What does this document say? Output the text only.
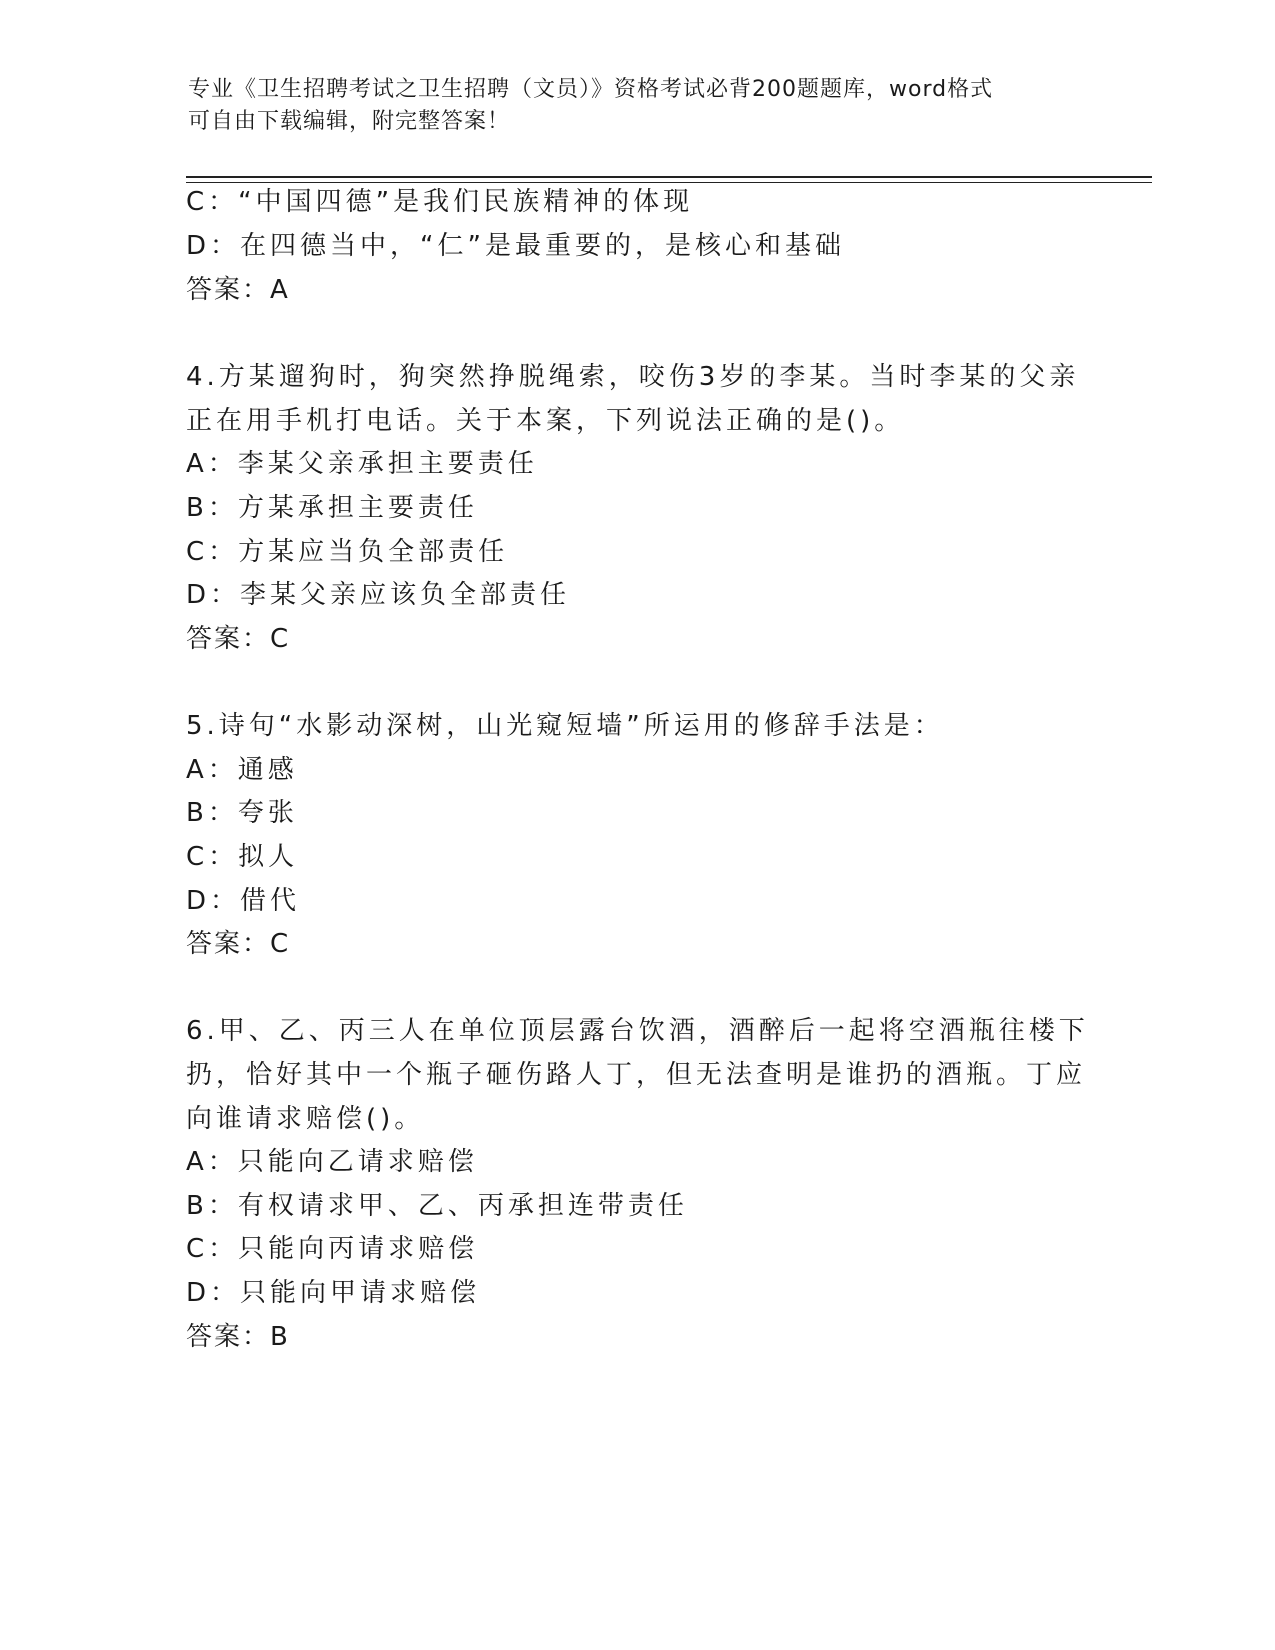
专业《卫生招聘考试之卫生招聘（文员）》资格考试必背200题题库，word格式
可自由下载编辑，附完整答案！
C：“中国四德”是我们民族精神的体现
D：在四德当中，“仁”是最重要的，是核心和基础
答案：A
4.方某遛狗时，狗突然挣脱绳索，咬伤3岁的李某。当时李某的父亲
正在用手机打电话。关于本案，下列说法正确的是()。
A：李某父亲承担主要责任
B：方某承担主要责任
C：方某应当负全部责任
D：李某父亲应该负全部责任
答案：C
5.诗句“水影动深树，山光窥短墙”所运用的修辞手法是：
A：通感
B：夸张
C：拟人
D：借代
答案：C
6.甲、乙、丙三人在单位顶层露台饮酒，酒醉后一起将空酒瓶往楼下
扔，恰好其中一个瓶子砸伤路人丁，但无法查明是谁扔的酒瓶。丁应
向谁请求赔偿()。
A：只能向乙请求赔偿
B：有权请求甲、乙、丙承担连带责任
C：只能向丙请求赔偿
D：只能向甲请求赔偿
答案：B
